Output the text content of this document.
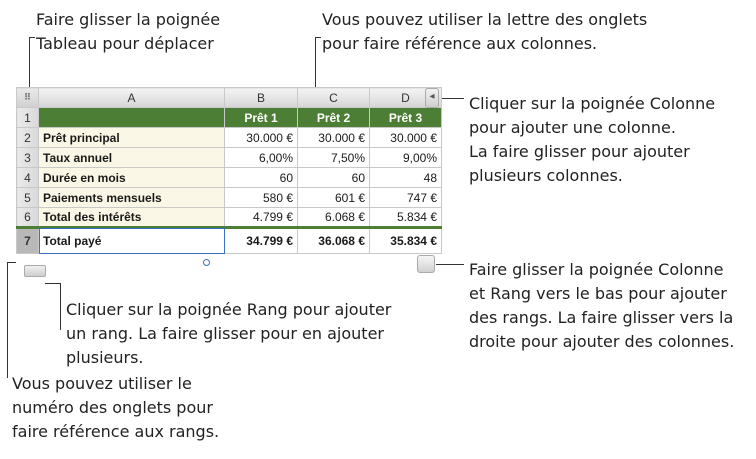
Faire glisser la poignée
Tableau pour déplacer
Vous pouvez utiliser la lettre des onglets
pour faire référence aux colonnes.
Cliquer sur la poignée Colonne
pour ajouter une colonne.
La faire glisser pour ajouter
plusieurs colonnes.
Faire glisser la poignée Colonne
et Rang vers le bas pour ajouter
des rangs. La faire glisser vers la
droite pour ajouter des colonnes.
Cliquer sur la poignée Rang pour ajouter
un rang. La faire glisser pour en ajouter
plusieurs.
Vous pouvez utiliser le
numéro des onglets pour
faire référence aux rangs.
⠿	A	B	C	D
1		Prêt 1	Prêt 2	Prêt 3
2	Prêt principal	30.000 €	30.000 €	30.000 €
3	Taux annuel	6,00%	7,50%	9,00%
4	Durée en mois	60	60	48
5	Paiements mensuels	580 €	601 €	747 €
6	Total des intérêts	4.799 €	6.068 €	5.834 €
7	Total payé	34.799 €	36.068 €	35.834 €
◂
